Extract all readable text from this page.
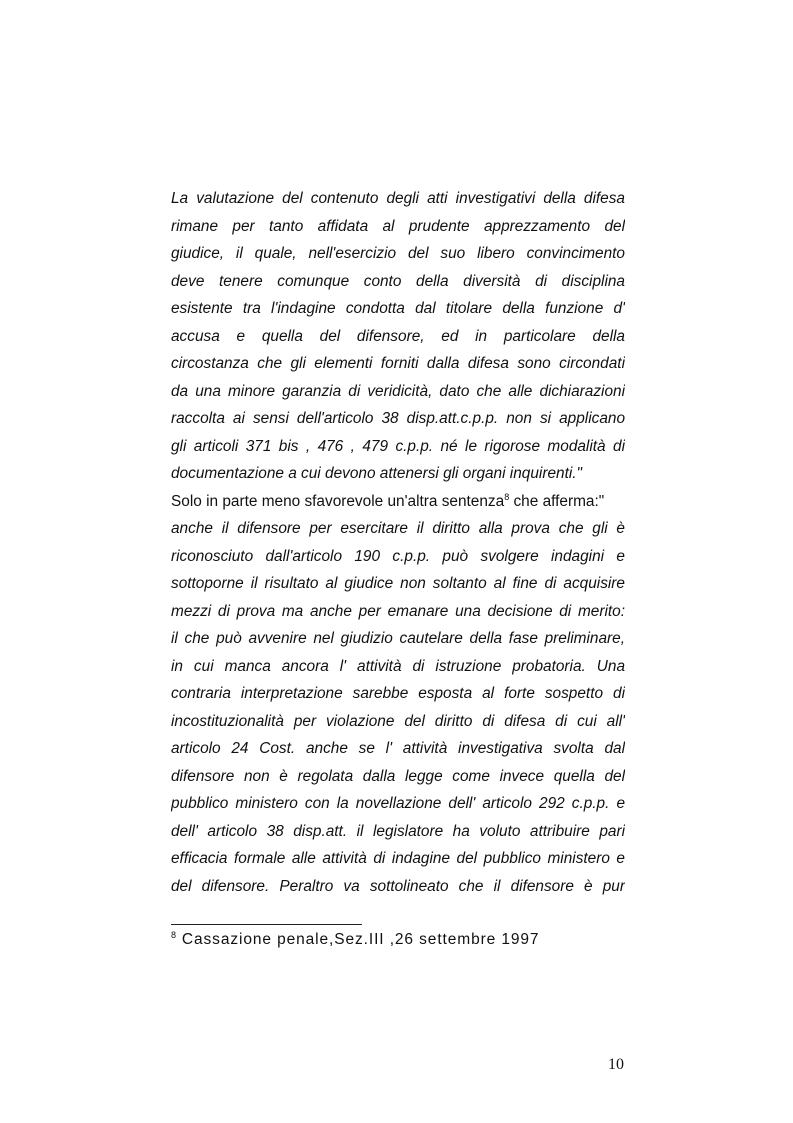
La valutazione del contenuto degli atti investigativi della difesa
rimane per tanto affidata al prudente apprezzamento del
giudice, il quale, nell'esercizio del suo libero convincimento
deve tenere comunque conto della diversità di disciplina
esistente tra l'indagine condotta dal titolare della funzione d'
accusa e quella del difensore, ed in particolare della
circostanza che gli elementi forniti dalla difesa sono circondati
da una minore garanzia di veridicità, dato che alle dichiarazioni
raccolta ai sensi dell'articolo 38 disp.att.c.p.p. non si applicano
gli articoli 371 bis , 476 , 479 c.p.p. né le rigorose modalità di
documentazione a cui devono attenersi gli organi inquirenti."
Solo in parte meno sfavorevole un'altra sentenza$^8$ che afferma:"
anche il difensore per esercitare il diritto alla prova che gli è
riconosciuto dall'articolo 190 c.p.p. può svolgere indagini e
sottoporne il risultato al giudice non soltanto al fine di acquisire
mezzi di prova ma anche per emanare una decisione di merito:
il che può avvenire nel giudizio cautelare della fase preliminare,
in cui manca ancora l' attività di istruzione probatoria. Una
contraria interpretazione sarebbe esposta al forte sospetto di
incostituzionalità per violazione del diritto di difesa di cui all'
articolo 24 Cost. anche se l' attività investigativa svolta dal
difensore non è regolata dalla legge come invece quella del
pubblico ministero con la novellazione dell' articolo 292 c.p.p. e
dell' articolo 38 disp.att. il legislatore ha voluto attribuire pari
efficacia formale alle attività di indagine del pubblico ministero e
del difensore. Peraltro va sottolineato che il difensore è pur
$^8$ Cassazione penale,Sez.III ,26 settembre 1997
10
